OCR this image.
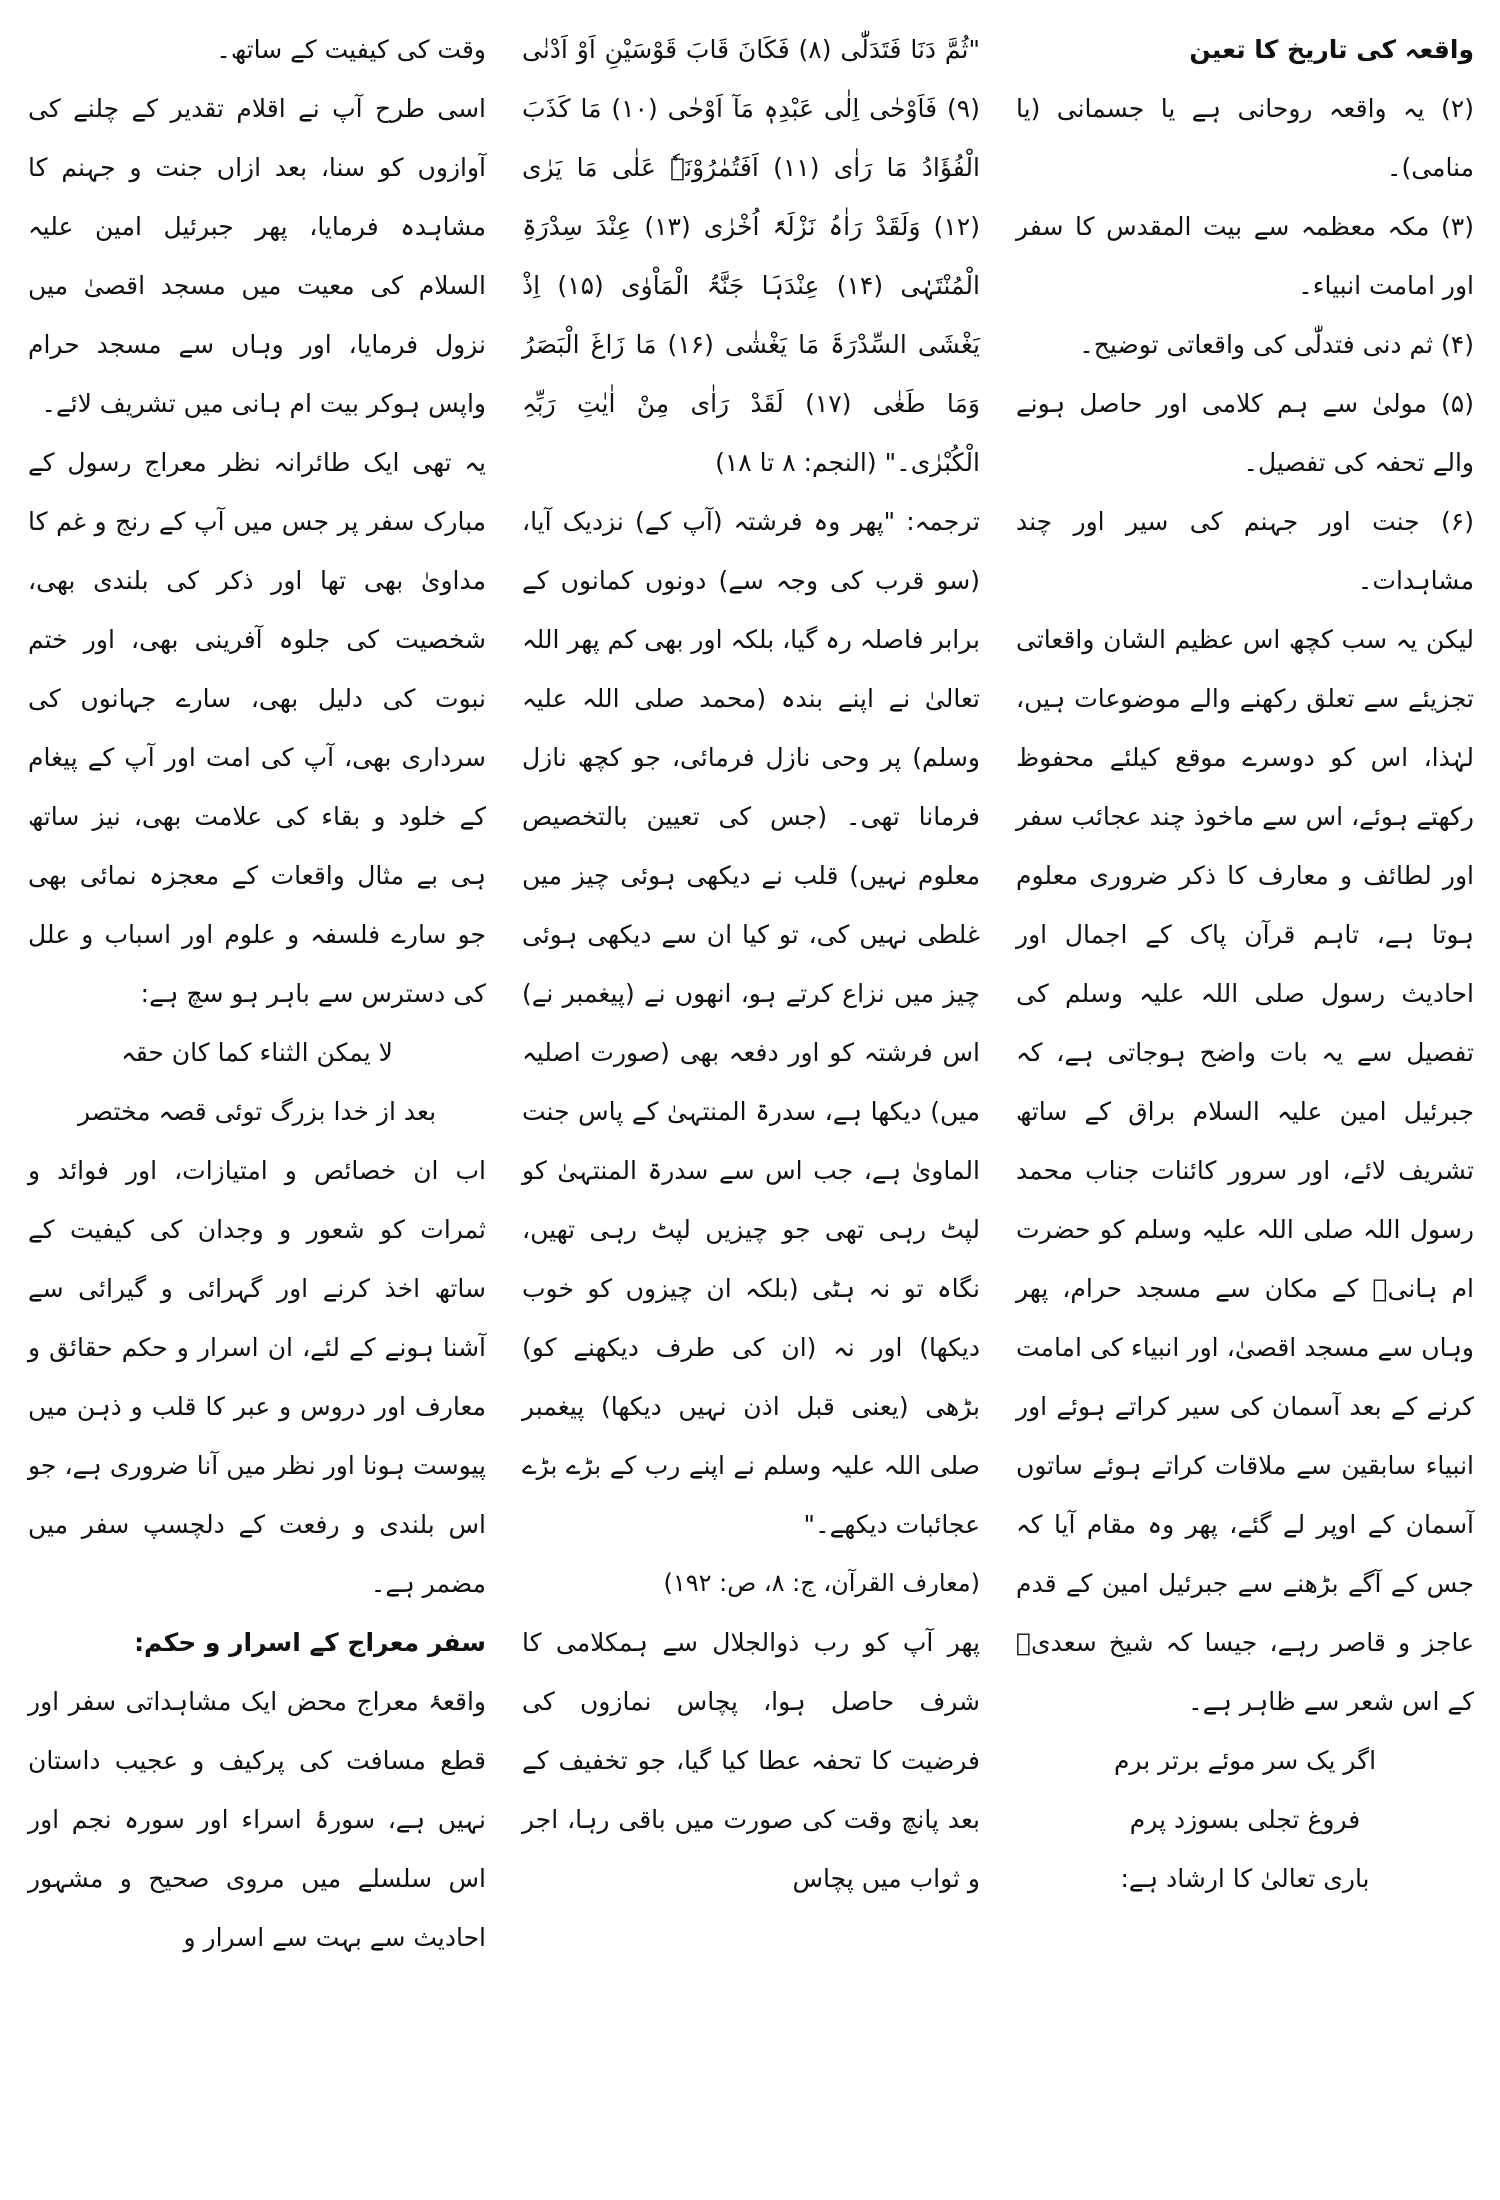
واقعہ کی تاریخ کا تعین

(۲) یہ واقعہ روحانی ہے یا جسمانی (یا منامی)۔

(۳) مکہ معظمہ سے بیت المقدس کا سفر اور امامت انبیاء۔

(۴) ثم دنی فتدلّٰی کی واقعاتی توضیح۔

(۵) مولیٰ سے ہم کلامی اور حاصل ہونے والے تحفہ کی تفصیل۔

(۶) جنت اور جہنم کی سیر اور چند مشاہدات۔

لیکن یہ سب کچھ اس عظیم الشان واقعاتی تجزیئے سے تعلق رکھنے والے موضوعات ہیں، لہٰذا، اس کو دوسرے موقع کیلئے محفوظ رکھتے ہوئے، اس سے ماخوذ چند عجائب سفر اور لطائف و معارف کا ذکر ضروری معلوم ہوتا ہے، تاہم قرآن پاک کے اجمال اور احادیث رسول صلی اللہ علیہ وسلم کی تفصیل سے یہ بات واضح ہوجاتی ہے، کہ جبرئیل امین علیہ السلام براق کے ساتھ تشریف لائے، اور سرور کائنات جناب محمد رسول اللہ صلی اللہ علیہ وسلم کو حضرت ام ہانیؓ کے مکان سے مسجد حرام، پھر وہاں سے مسجد اقصیٰ، اور انبیاء کی امامت کرنے کے بعد آسمان کی سیر کراتے ہوئے اور انبیاء سابقین سے ملاقات کراتے ہوئے ساتوں آسمان کے اوپر لے گئے، پھر وہ مقام آیا کہ جس کے آگے بڑھنے سے جبرئیل امین کے قدم عاجز و قاصر رہے، جیسا کہ شیخ سعدیؒ کے اس شعر سے ظاہر ہے۔

اگر یک سر موئے برتر برم

فروغ تجلی بسوزد پرم

باری تعالیٰ کا ارشاد ہے:

"ثُمَّ دَنَا فَتَدَلّٰی (۸) فَکَانَ قَابَ قَوْسَیْنِ اَوْ اَدْنٰی (۹) فَاَوْحٰی اِلٰی عَبْدِہٖ مَآ اَوْحٰی (۱۰) مَا کَذَبَ الْفُؤَادُ مَا رَاٰی (۱۱) اَفَتُمٰرُوْنَہٗ عَلٰی مَا یَرٰی (۱۲) وَلَقَدْ رَاٰہُ نَزْلَۃً اُخْرٰی (۱۳) عِنْدَ سِدْرَۃِ الْمُنْتَہٰی (۱۴) عِنْدَہَا جَنَّۃُ الْمَاْوٰی (۱۵) اِذْ یَغْشَی السِّدْرَۃَ مَا یَغْشٰی (۱۶) مَا زَاغَ الْبَصَرُ وَمَا طَغٰی (۱۷) لَقَدْ رَاٰی مِنْ اٰیٰتِ رَبِّہِ الْکُبْرٰی۔" (النجم: ۸ تا ۱۸)

ترجمہ: "پھر وہ فرشتہ (آپ کے) نزدیک آیا، (سو قرب کی وجہ سے) دونوں کمانوں کے برابر فاصلہ رہ گیا، بلکہ اور بھی کم پھر اللہ تعالیٰ نے اپنے بندہ (محمد صلی اللہ علیہ وسلم) پر وحی نازل فرمائی، جو کچھ نازل فرمانا تھی۔ (جس کی تعیین بالتخصیص معلوم نہیں) قلب نے دیکھی ہوئی چیز میں غلطی نہیں کی، تو کیا ان سے دیکھی ہوئی چیز میں نزاع کرتے ہو، انھوں نے (پیغمبر نے) اس فرشتہ کو اور دفعہ بھی (صورت اصلیہ میں) دیکھا ہے، سدرۃ المنتہیٰ کے پاس جنت الماویٰ ہے، جب اس سے سدرۃ المنتہیٰ کو لپٹ رہی تھی جو چیزیں لپٹ رہی تھیں، نگاہ تو نہ ہٹی (بلکہ ان چیزوں کو خوب دیکھا) اور نہ (ان کی طرف دیکھنے کو) بڑھی (یعنی قبل اذن نہیں دیکھا) پیغمبر صلی اللہ علیہ وسلم نے اپنے رب کے بڑے بڑے عجائبات دیکھے۔"

(معارف القرآن، ج: ۸، ص: ۱۹۲)

پھر آپ کو رب ذوالجلال سے ہمکلامی کا شرف حاصل ہوا، پچاس نمازوں کی فرضیت کا تحفہ عطا کیا گیا، جو تخفیف کے بعد پانچ وقت کی صورت میں باقی رہا، اجر و ثواب میں پچاس

وقت کی کیفیت کے ساتھ۔

اسی طرح آپ نے اقلام تقدیر کے چلنے کی آوازوں کو سنا، بعد ازاں جنت و جہنم کا مشاہدہ فرمایا، پھر جبرئیل امین علیہ السلام کی معیت میں مسجد اقصیٰ میں نزول فرمایا، اور وہاں سے مسجد حرام واپس ہوکر بیت ام ہانی میں تشریف لائے۔

یہ تھی ایک طائرانہ نظر معراج رسول کے مبارک سفر پر جس میں آپ کے رنج و غم کا مداویٰ بھی تھا اور ذکر کی بلندی بھی، شخصیت کی جلوہ آفرینی بھی، اور ختم نبوت کی دلیل بھی، سارے جہانوں کی سرداری بھی، آپ کی امت اور آپ کے پیغام کے خلود و بقاء کی علامت بھی، نیز ساتھ ہی بے مثال واقعات کے معجزہ نمائی بھی جو سارے فلسفہ و علوم اور اسباب و علل کی دسترس سے باہر ہو سچ ہے:

لا یمکن الثناء کما کان حقہ

بعد از خدا بزرگ توئی قصہ مختصر

اب ان خصائص و امتیازات، اور فوائد و ثمرات کو شعور و وجدان کی کیفیت کے ساتھ اخذ کرنے اور گہرائی و گیرائی سے آشنا ہونے کے لئے، ان اسرار و حکم حقائق و معارف اور دروس و عبر کا قلب و ذہن میں پیوست ہونا اور نظر میں آنا ضروری ہے، جو اس بلندی و رفعت کے دلچسپ سفر میں مضمر ہے۔

سفر معراج کے اسرار و حکم:

واقعۂ معراج محض ایک مشاہداتی سفر اور قطع مسافت کی پرکیف و عجیب داستان نہیں ہے، سورۂ اسراء اور سورہ نجم اور اس سلسلے میں مروی صحیح و مشہور احادیث سے بہت سے اسرار و
